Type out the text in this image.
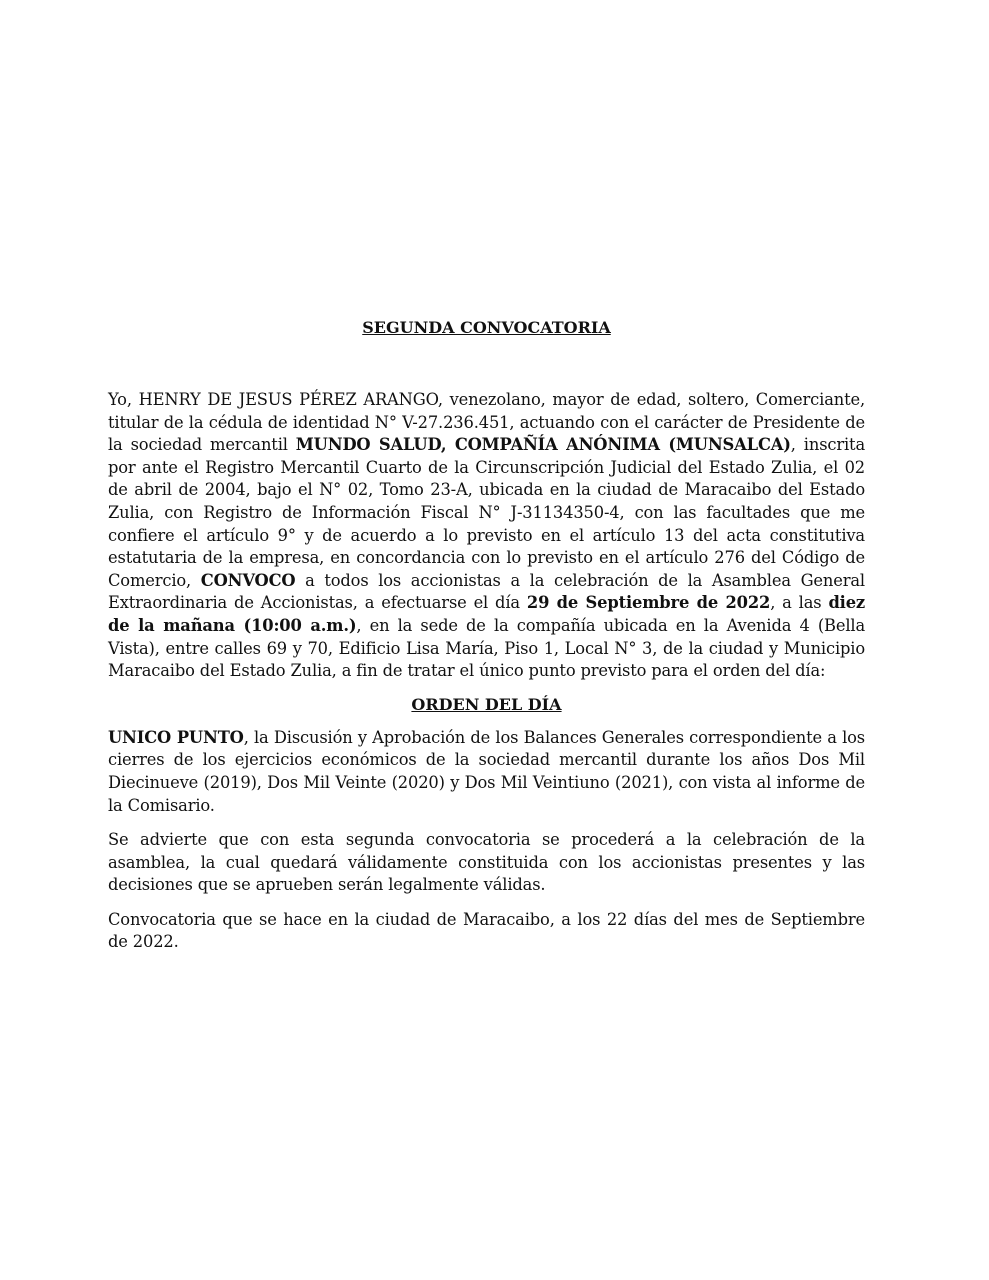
SEGUNDA CONVOCATORIA

Yo, HENRY DE JESUS PÉREZ ARANGO, venezolano, mayor de edad, soltero, Comerciante, titular de la cédula de identidad N° V-27.236.451, actuando con el carácter de Presidente de la sociedad mercantil MUNDO SALUD, COMPAÑÍA ANÓNIMA (MUNSALCA), inscrita por ante el Registro Mercantil Cuarto de la Circunscripción Judicial del Estado Zulia, el 02 de abril de 2004, bajo el N° 02, Tomo 23-A, ubicada en la ciudad de Maracaibo del Estado Zulia, con Registro de Información Fiscal N° J-31134350-4, con las facultades que me confiere el artículo 9° y de acuerdo a lo previsto en el artículo 13 del acta constitutiva estatutaria de la empresa, en concordancia con lo previsto en el artículo 276 del Código de Comercio, CONVOCO a todos los accionistas a la celebración de la Asamblea General Extraordinaria de Accionistas, a efectuarse el día 29 de Septiembre de 2022, a las diez de la mañana (10:00 a.m.), en la sede de la compañía ubicada en la Avenida 4 (Bella Vista), entre calles 69 y 70, Edificio Lisa María, Piso 1, Local N° 3, de la ciudad y Municipio Maracaibo del Estado Zulia, a fin de tratar el único punto previsto para el orden del día:

ORDEN DEL DÍA

UNICO PUNTO, la Discusión y Aprobación de los Balances Generales correspondiente a los cierres de los ejercicios económicos de la sociedad mercantil durante los años Dos Mil Diecinueve (2019), Dos Mil Veinte (2020) y Dos Mil Veintiuno (2021), con vista al informe de la Comisario.

Se advierte que con esta segunda convocatoria se procederá a la celebración de la asamblea, la cual quedará válidamente constituida con los accionistas presentes y las decisiones que se aprueben serán legalmente válidas.

Convocatoria que se hace en la ciudad de Maracaibo, a los 22 días del mes de Septiembre de 2022.
